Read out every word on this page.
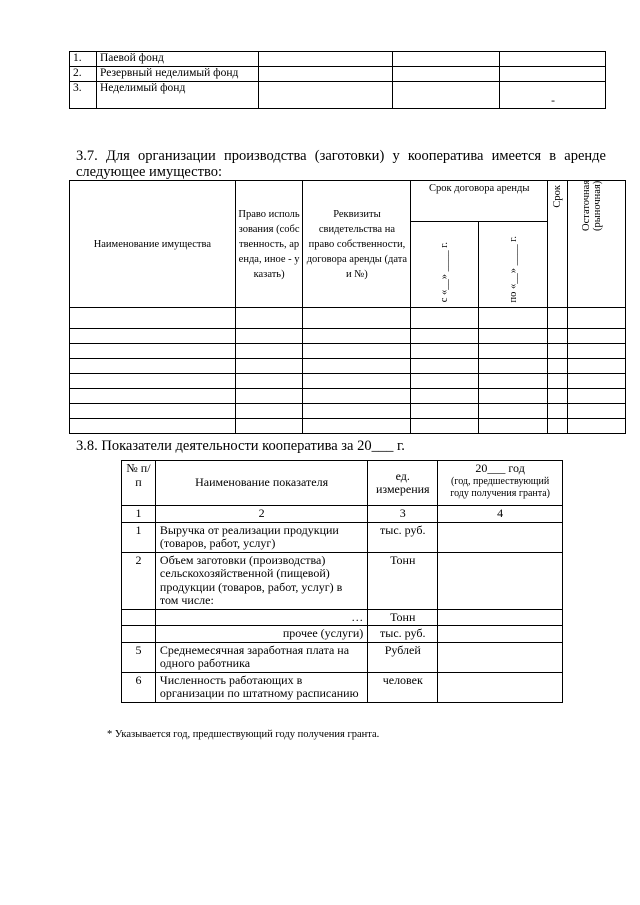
1.	Паевой фонд			
2.	Резервный неделимый фонд			
3.	Неделимый фонд			-
3.7. Для организации производства (заготовки) у кооператива имеется в аренде следующее имущество:
Наименование имущества	Право использования (собственность, аренда, иное - указать)	Реквизиты свидетельства на право собственности, договора аренды (дата и №)	Срок договора аренды		Срок	Остаточная (рыночная)
			с «__» ____ г.	по «__» ____ г.		

3.8. Показатели деятельности кооператива за 20___ г.
№ п/п	Наименование показателя	ед. измерения	20___ год
(год, предшествующий году получения гранта)

1	2	3	4
1	Выручка от реализации продукции (товаров, работ, услуг)	тыс. руб.	
2	Объем заготовки (производства) сельскохозяйственной (пищевой) продукции (товаров, работ, услуг) в том числе:	Тонн	
	…	Тонн	
	прочее (услуги)	тыс. руб.	
5	Среднемесячная заработная плата на одного работника	Рублей	
6	Численность работающих в организации по штатному расписанию	человек	
* Указывается год, предшествующий году получения гранта.
